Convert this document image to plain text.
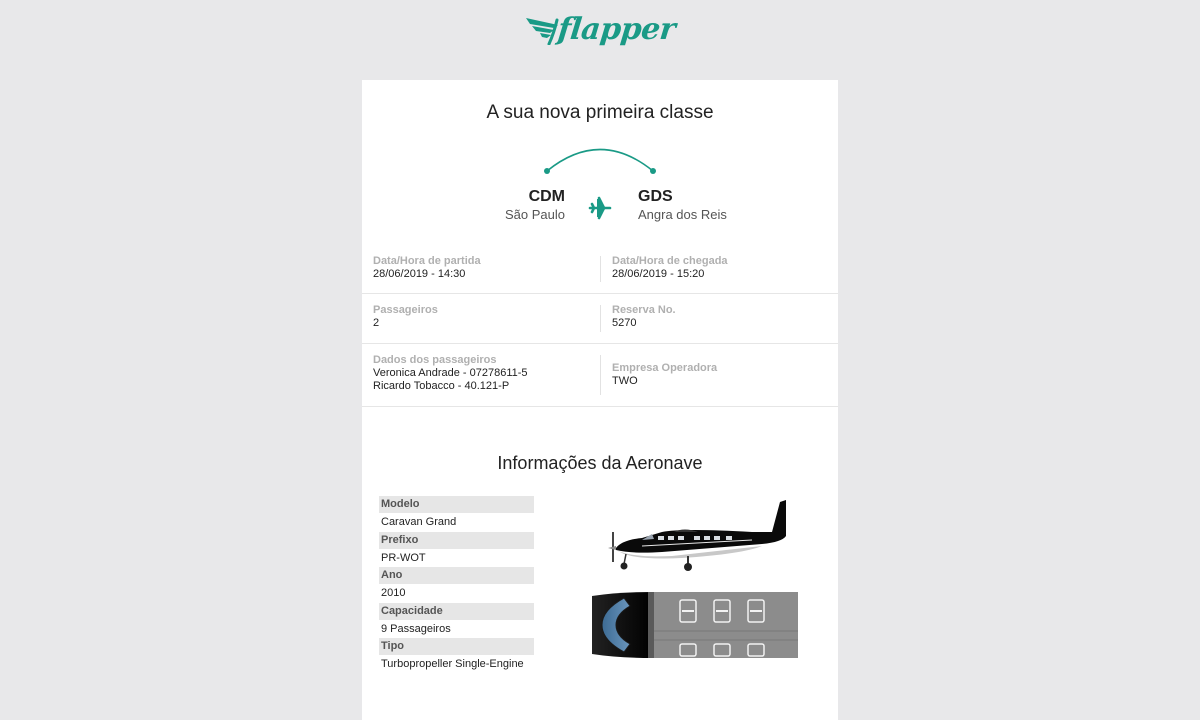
flapper
A sua nova primeira classe
CDM
São Paulo
GDS
Angra dos Reis
Data/Hora de partida
28/06/2019 - 14:30
Data/Hora de chegada
28/06/2019 - 15:20
Passageiros
2
Reserva No.
5270
Dados dos passageiros
Veronica Andrade - 07278611-5
Ricardo Tobacco - 40.121-P
Empresa Operadora
TWO
Informações da Aeronave
Modelo
Caravan Grand
Prefixo
PR-WOT
Ano
2010
Capacidade
9 Passageiros
Tipo
Turbopropeller Single-Engine
